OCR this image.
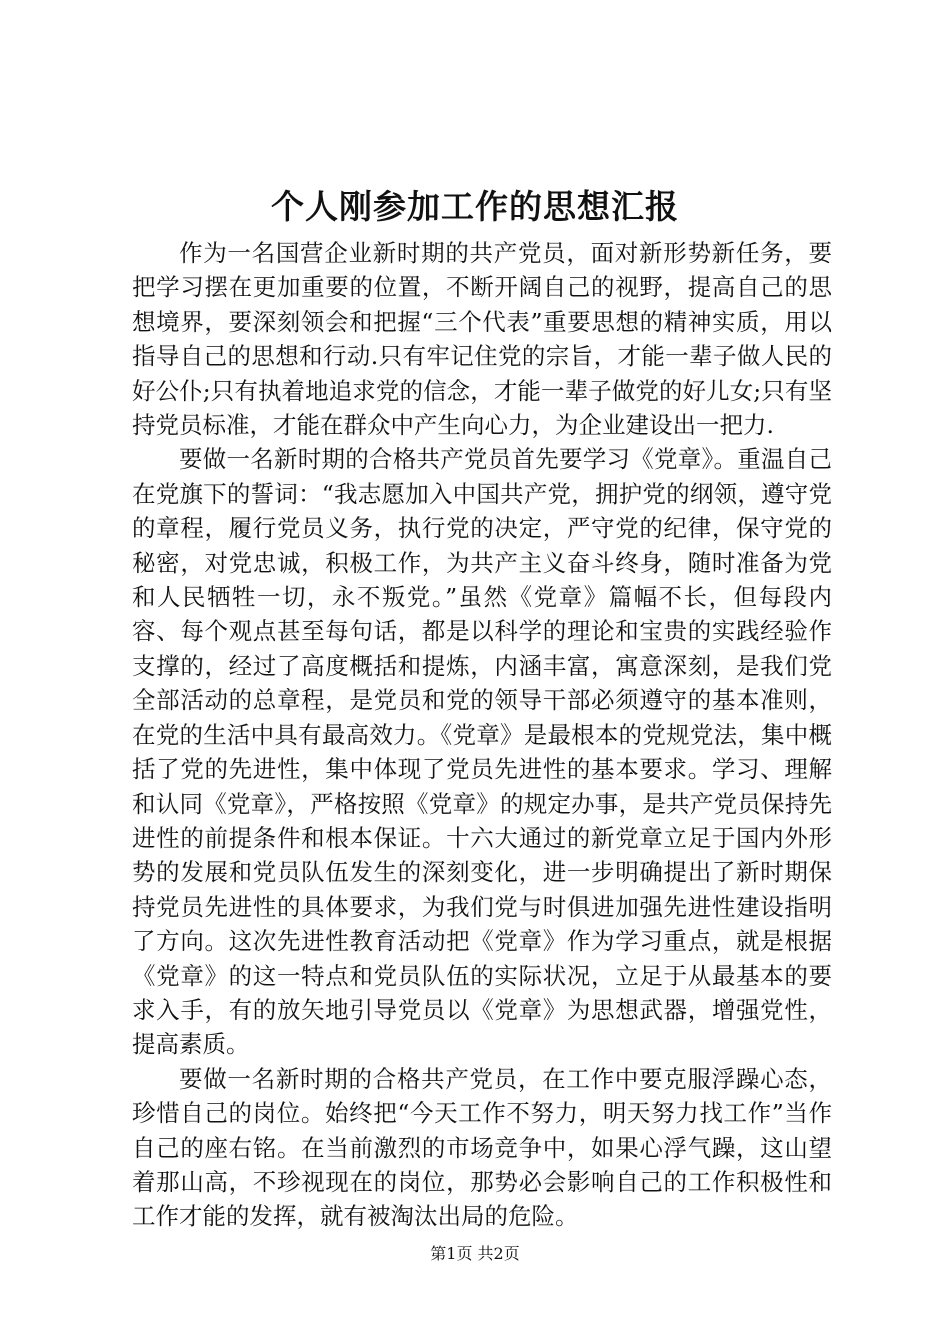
个人刚参加工作的思想汇报

作为一名国营企业新时期的共产党员，面对新形势新任务，要把学习摆在更加重要的位置，不断开阔自己的视野，提高自己的思想境界，要深刻领会和把握“三个代表”重要思想的精神实质，用以指导自己的思想和行动.只有牢记住党的宗旨，才能一辈子做人民的好公仆;只有执着地追求党的信念，才能一辈子做党的好儿女;只有坚持党员标准，才能在群众中产生向心力，为企业建设出一把力.

要做一名新时期的合格共产党员首先要学习《党章》。重温自己在党旗下的誓词：“我志愿加入中国共产党，拥护党的纲领，遵守党的章程，履行党员义务，执行党的决定，严守党的纪律，保守党的秘密，对党忠诚，积极工作，为共产主义奋斗终身，随时准备为党和人民牺牲一切，永不叛党。”虽然《党章》篇幅不长，但每段内容、每个观点甚至每句话，都是以科学的理论和宝贵的实践经验作支撑的，经过了高度概括和提炼，内涵丰富，寓意深刻，是我们党全部活动的总章程，是党员和党的领导干部必须遵守的基本准则，在党的生活中具有最高效力。《党章》是最根本的党规党法，集中概括了党的先进性，集中体现了党员先进性的基本要求。学习、理解和认同《党章》，严格按照《党章》的规定办事，是共产党员保持先进性的前提条件和根本保证。十六大通过的新党章立足于国内外形势的发展和党员队伍发生的深刻变化，进一步明确提出了新时期保持党员先进性的具体要求，为我们党与时俱进加强先进性建设指明了方向。这次先进性教育活动把《党章》作为学习重点，就是根据《党章》的这一特点和党员队伍的实际状况，立足于从最基本的要求入手，有的放矢地引导党员以《党章》为思想武器，增强党性，提高素质。

要做一名新时期的合格共产党员，在工作中要克服浮躁心态，珍惜自己的岗位。始终把“今天工作不努力，明天努力找工作”当作自己的座右铭。在当前激烈的市场竞争中，如果心浮气躁，这山望着那山高，不珍视现在的岗位，那势必会影响自己的工作积极性和工作才能的发挥，就有被淘汰出局的危险。

第1页 共2页
